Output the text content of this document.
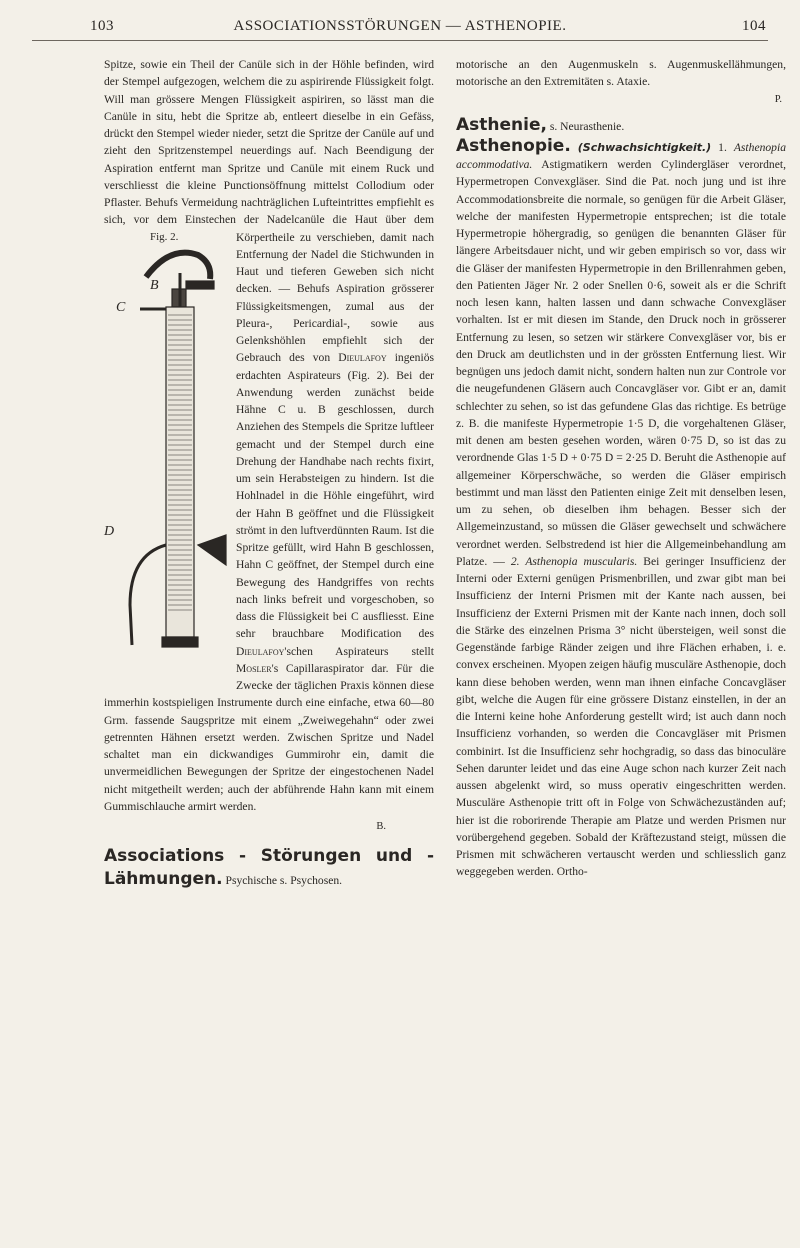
103	ASSOCIATIONSSTÖRUNGEN — ASTHENOPIE.	104

Spitze, sowie ein Theil der Canüle sich in der Höhle befinden, wird der Stempel aufgezogen, welchem die zu aspirirende Flüssigkeit folgt. Will man grössere Mengen Flüssigkeit aspiriren, so lässt man die Canüle in situ, hebt die Spritze ab, entleert dieselbe in ein Gefäss, drückt den Stempel wieder nieder, setzt die Spritze der Canüle auf und zieht den Spritzenstempel neuerdings auf. Nach Beendigung der Aspiration entfernt man Spritze und Canüle mit einem Ruck und verschliesst die kleine Punctionsöffnung mittelst Collodium oder Pflaster. Behufs Vermeidung nachträglichen Lufteintrittes empfiehlt es sich, vor dem Einstechen der Nadelcanüle die Haut über dem Körpertheile zu
Fig. 2.
B
C
D
verschieben, damit nach Entfernung der Nadel die Stichwunden in Haut und tieferen Geweben sich nicht decken. — Behufs Aspiration grösserer Flüssigkeitsmengen, zumal aus der Pleura-, Pericardial-, sowie aus Gelenkshöhlen empfiehlt sich der Gebrauch des von Dieulafoy ingeniös erdachten Aspirateurs (Fig. 2). Bei der Anwendung werden zunächst beide Hähne C u. B geschlossen, durch Anziehen des Stempels die Spritze luftleer gemacht und der Stempel durch eine Drehung der Handhabe nach rechts fixirt, um sein Herabsteigen zu hindern. Ist die Hohlnadel in die Höhle eingeführt, wird der Hahn B geöffnet und die Flüssigkeit strömt in den luftverdünnten Raum. Ist die Spritze gefüllt, wird Hahn B geschlossen, Hahn C geöffnet, der Stempel durch eine Bewegung des Handgriffes von rechts nach links befreit und vorgeschoben, so dass die Flüssigkeit bei C ausfliesst. Eine sehr brauchbare Modification des Dieulafoy'schen Aspirateurs stellt Mosler's Capillaraspirator dar. Für die Zwecke der täglichen Praxis können diese immerhin kostspieligen Instrumente durch eine einfache, etwa 60—80 Grm. fassende Saugspritze mit einem „Zweiwegehahn“ oder zwei getrennten Hähnen ersetzt werden. Zwischen Spritze und Nadel schaltet man ein dickwandiges Gummirohr ein, damit die unvermeidlichen Bewegungen der Spritze der eingestochenen Nadel nicht mitgetheilt werden; auch der abführende Hahn kann mit einem Gummischlauche armirt werden.

B.
Associations - Störungen und -Lähmungen. Psychische s. Psychosen.

motorische an den Augenmuskeln s. Augenmuskellähmungen, motorische an den Extremitäten s. Ataxie.

P.
Asthenie, s. Neurasthenie.

Asthenopie. (Schwachsichtigkeit.) 1. Asthenopia accommodativa. Astigmatikern werden Cylindergläser verordnet, Hypermetropen Convexgläser. Sind die Pat. noch jung und ist ihre Accommodationsbreite die normale, so genügen für die Arbeit Gläser, welche der manifesten Hypermetropie entsprechen; ist die totale Hypermetropie höhergradig, so genügen die benannten Gläser für längere Arbeitsdauer nicht, und wir geben empirisch so vor, dass wir die Gläser der manifesten Hypermetropie in den Brillenrahmen geben, den Patienten Jäger Nr. 2 oder Snellen 0·6, soweit als er die Schrift noch lesen kann, halten lassen und dann schwache Convexgläser vorhalten. Ist er mit diesen im Stande, den Druck noch in grösserer Entfernung zu lesen, so setzen wir stärkere Convexgläser vor, bis er den Druck am deutlichsten und in der grössten Entfernung liest. Wir begnügen uns jedoch damit nicht, sondern halten nun zur Controle vor die neugefundenen Gläsern auch Concavgläser vor. Gibt er an, damit schlechter zu sehen, so ist das gefundene Glas das richtige. Es betrüge z. B. die manifeste Hypermetropie 1·5 D, die vorgehaltenen Gläser, mit denen am besten gesehen worden, wären 0·75 D, so ist das zu verordnende Glas 1·5 D + 0·75 D = 2·25 D. Beruht die Asthenopie auf allgemeiner Körperschwäche, so werden die Gläser empirisch bestimmt und man lässt den Patienten einige Zeit mit denselben lesen, um zu sehen, ob dieselben ihm behagen. Besser sich der Allgemeinzustand, so müssen die Gläser gewechselt und schwächere verordnet werden. Selbstredend ist hier die Allgemeinbehandlung am Platze. — 2. Asthenopia muscularis. Bei geringer Insufficienz der Interni oder Externi genügen Prismenbrillen, und zwar gibt man bei Insufficienz der Interni Prismen mit der Kante nach aussen, bei Insufficienz der Externi Prismen mit der Kante nach innen, doch soll die Stärke des einzelnen Prisma 3° nicht übersteigen, weil sonst die Gegenstände farbige Ränder zeigen und ihre Flächen erhaben, i. e. convex erscheinen. Myopen zeigen häufig musculäre Asthenopie, doch kann diese behoben werden, wenn man ihnen einfache Concavgläser gibt, welche die Augen für eine grössere Distanz einstellen, in der an die Interni keine hohe Anforderung gestellt wird; ist auch dann noch Insufficienz vorhanden, so werden die Concavgläser mit Prismen combinirt. Ist die Insufficienz sehr hochgradig, so dass das binoculäre Sehen darunter leidet und das eine Auge schon nach kurzer Zeit nach aussen abgelenkt wird, so muss operativ eingeschritten werden. Musculäre Asthenopie tritt oft in Folge von Schwächezuständen auf; hier ist die roborirende Therapie am Platze und werden Prismen nur vorübergehend gegeben. Sobald der Kräftezustand steigt, müssen die Prismen mit schwächeren vertauscht werden und schliesslich ganz weggegeben werden. Ortho-
